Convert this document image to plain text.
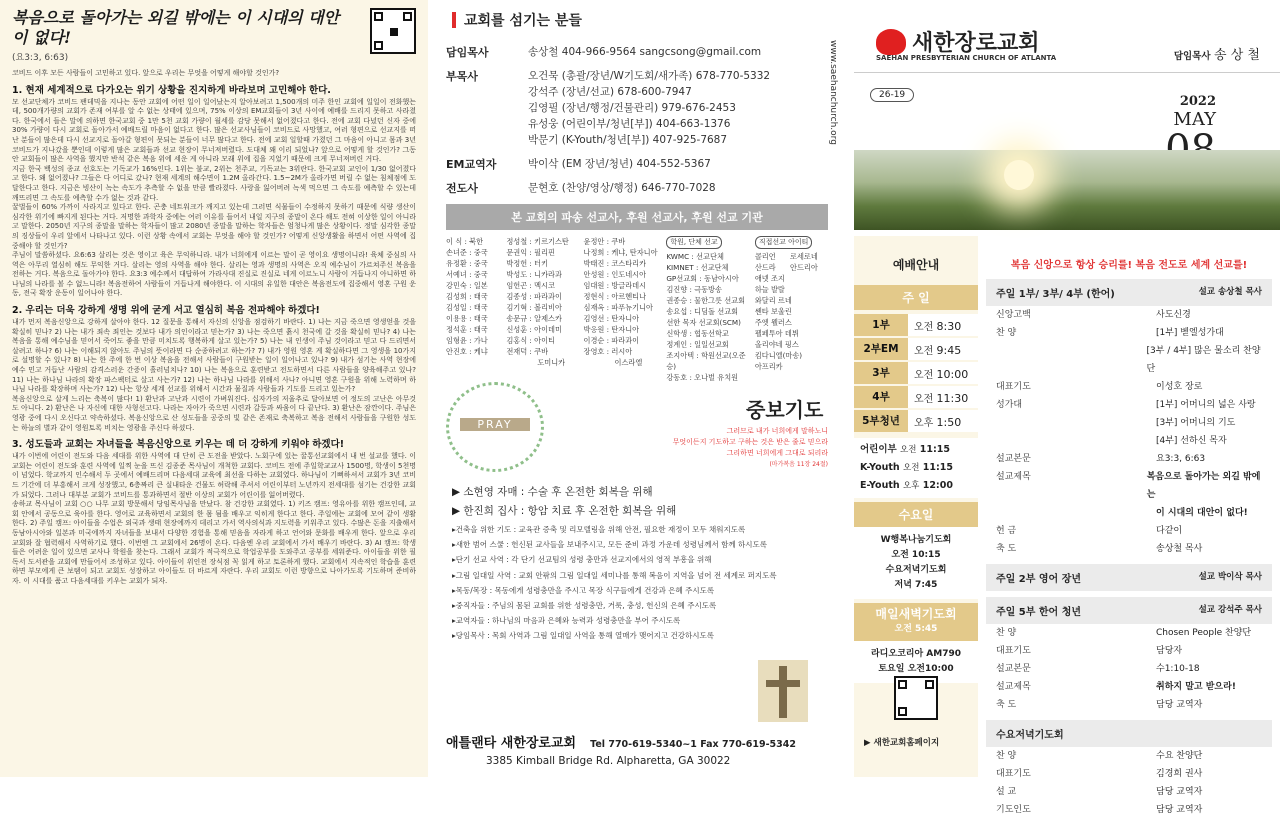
복음으로 돌아가는 외길 밖에는 이 시대의 대안이 없다!
(요3:3, 6:63)
코비드 이후 모든 사람들이 고민하고 있다. 앞으로 우리는 무엇을 어떻게 해야할 것인가?
1. 현재 세계적으로 다가오는 위기 상황을 진지하게 바라보며 고민해야 한다.
모 선교단체가 코비드 팬데믹을 지나는 동안 교회에 어떤 일이 일어났는지 알아보려고 1,500개의 미주 한인 교회에 일일이 전화했는데, 500개가량의 교회가 존재 여부를 알 수 없는 상태에 있으며, 75% 이상의 EM교회들이 3년 사이에 예배를 드리지 못하고 사라졌다. 한국에서 들은 말에 의하면 한국교회 중 1만 5천 교회 가량이 월세를 감당 못해서 없어졌다고 한다. 전에 교회 다녔던 신자 중에 30% 가량이 다시 교회로 돌아가서 예배드릴 마음이 없다고 한다. 많은 선교사님들이 코비드로 사망했고, 여러 형편으로 선교지를 떠난 분들이 많은데 다시 선교지로 돌아갈 형편이 못되는 분들이 너무 많다고 한다. 전에 교회 일할때 가졌던 그 마음이 아니고 몸과 3년 코비드가 지나갔을 뿐인데 이렇게 많은 교회들과 선교 현장이 무너져버렸다. 도대체 왜 이리 되었나? 앞으로 어떻게 할 것인가? 그동안 교회들이 많은 사역을 했지만 반석 같은 복음 위에 세운 게 아니라 모래 위에 집을 지었기 때문에 크게 무너져버린 거다.
지금 한국 백성의 종교 선호도는 기독교가 16%인다. 1위는 불교, 2위는 천주교, 기독교는 3위란다. 한국교회 교인이 1/30 없어졌다고 한다. 왜 없어졌나? 그들은 다 어디로 갔나? 현재 세계의 해수면이 1.2M 올라간다. 1.5~2M가 올라가면 버릴 수 없는 침체점에 도달한다고 한다. 지금은 빙산이 녹는 속도가 추측할 수 없을 만큼 빨라졌다. 사랑을 잃어버려 녹색 먹으면 그 속도를 예측할 수 있는데 깨뜨리면 그 속도를 예측할 수가 없는 것과 같다.
꿀벌들이 60% 가까이 사라지고 있다고 한다. 곤충 네트워크가 깨지고 있는데 그러면 식물들이 수정하지 못하기 때문에 식량 생산이 심각한 위기에 빠지게 된다는 거다. 저명한 과학자 중에는 여러 이유를 들어서 내일 지구의 종말이 온다 해도 전혀 이상한 일이 아니라고 말한다. 2050년 지구의 종말을 말하는 학자들이 많고 2080년 종말을 말하는 학자들은 엄청나게 많은 상황이다. 정말 심각한 종말의 징상들이 우리 앞에서 나타나고 있다. 이런 상황 속에서 교회는 무엇을 해야 할 것인가? 어떻게 신앙생활을 하면서 어떤 사역에 집중해야 할 것인가?
주님이 말씀하셨다. 요6:63 살리는 것은 영이고 육은 무익하니라. 내가 너희에게 이르는 말이 곧 영이요 생명이니라! 육체 중심의 사역은 아무리 열심히 해도 무익한 거다. 살리는 영의 사역을 해야 한다. 살리는 영과 생명의 사역은 오직 예수님이 가르쳐주신 복음을 전하는 거다. 복음으로 돌아가야 한다. 요3:3 예수께서 대답하여 가라사대 진실로 진실로 네게 이르노니 사람이 거듭나지 아니하면 하나님의 나라를 볼 수 없느니라! 복음전하여 사람들이 거듭나게 해야한다. 이 시대의 유일한 대안은 복음전도에 집중해서 영혼 구원 운동, 전국 확장 운동이 일어나야 한다.
2. 우리는 더욱 강하게 생명 위에 굳게 서고 열심히 복음 전파해야 하겠다!
내가 먼저 복음신앙으로 강하게 살아야 한다. 12 질문을 통해서 자신의 신앙을 점검하기 바란다. 1) 나는 지금 죽으면 영생얻을 것을 확실히 믿나? 2) 나는 내가 죄속 죄인는 것보다 내가 의인이라고 믿는가? 3) 나는 죽으면 흙시 천국에 갈 것을 확실히 믿나? 4) 나는 복음을 통해 예수님을 믿어서 죽어도 좋을 만큼 미치도록 행복하게 살고 있는가? 5) 나는 내 인생이 주님 것이라고 믿고 다 드리면서 살려고 하나? 6) 나는 이해되지 않아도 주님의 뜻이라면 다 순종하려고 하는가? 7) 내가 영원 영혼 게 확실하다면 그 영생을 10가지로 설명할 수 있나? 8) 나는 한 주에 한 번 이상 복음을 전해서 사람들이 구원받는 일이 일어나고 있나? 9) 내가 섬기는 사역 현장에 예수 민고 거듭난 사람의 감격스러운 간증이 흘러넘치나? 10) 나는 복음으로 훈련받고 전도하면서 다른 사람들을 양육해주고 있나? 11) 나는 하나님 나라의 확장 파스팩터로 살고 사는가? 12) 나는 하나님 나라를 위해서 사나? 아니면 영혼 구원을 위해 노력하며 하나님 나라를 확장하며 사는가? 12) 나는 항상 세계 선교를 위해서 시간과 물질과 사람들과 기도를 드리고 있는가?
복음신앙으로 살게 느리는 축복이 많다! 1) 환난과 고난과 시련이 가벼워진다. 십자가의 저울추로 달아보면 어 정도의 고난은 아무것도 아니다. 2) 환난은 나 자신에 대한 사형선고다. 나라는 자아가 죽으면 시련과 갈등과 싸움이 다 끝난다. 3) 환난은 잠깐이다. 주님은 영광 중에 다시 오신다고 약속하셨다. 복음신앙으로 산 성도들을 공중의 빛 같은 존재로 축복하고 복음 전해서 사람들을 구원한 성도는 하늘의 별과 같이 영원토록 비치는 영광을 주신다 하셨다.
3. 성도들과 교회는 자녀들을 복음신앙으로 키우는 데 더 강하게 키워야 하겠다!
내가 이번에 어린이 전도와 다음 세대를 위한 사역에 대 단히 큰 도전을 받았다. 노회구에 있는 꿀통선교회에서 내 번 설교를 했다. 이 교회는 어린이 전도와 훈련 사역에 일찍 눈을 뜨신 김종준 목사님이 개척한 교회다. 코비드 전에 주일학교교사 1500명, 학생이 5천명이 넘었다. 학교까지 인수해서 두 곳에서 예배드리며 다음세대 교육에 최선을 다하는 교회였다. 하나님이 기뻐하셔서 교회가 3년 코비드 기간에 더 부흥해서 크게 성장했고, 6층짜리 큰 실내타운 건물도 허락해 주셔서 어린이부터 노년까지 전세대를 섬기는 건강한 교회가 되었다. 그러나 대부분 교회가 코비드를 통과하면서 절반 이상의 교회가 어린이를 잃어버렸다.
송하교 목사님이 교회 ○○ 나무 교회 방문해서 당임목사님을 만났다. 참 건강한 교회였다. 1) 키즈 캠프: 영유아를 위한 캠프인데, 교회 안에서 공동으로 육아를 한다. 영어로 교육하면서 교회의 한 몸 됨을 배우고 익히게 한다고 한다. 주일에는 교회에 모여 같이 생활한다. 2) 주일 캠프: 아이들을 수업은 외국과 생태 현장에까지 데리고 가서 역사의식과 지도력을 키워주고 있다. 수많은 돈을 지출해서 동남아시아와 일본과 미국에까지 자녀들을 보내서 다양한 경험을 통해 믿음을 자라게 하고 언어와 문화를 배우게 한다. 앞으로 우리 교회와 잘 협력해서 사역하기로 했다. 이번엔 그 교회에서 26명이 온다. 다음엔 우리 교회에서 가서 배우기 바란다. 3) AI 캠프: 학생들은 어려운 일이 있으면 교사나 학원을 찾는다. 그래서 교회가 적극적으로 학업공부를 도와주고 공부를 세워준다. 아이들을 위한 필독서 도서관을 교회에 만들어서 조성하고 있다. 아이들이 위인전 장식점 꼭 읽게 하고 토론하게 했다. 교회에서 지속적인 학습을 훈련하면 부모에게 큰 보탬이 되고 교회도 성장하고 아이들도 더 바르게 자란다. 우리 교회도 이런 방향으로 나아가도록 기도하며 준비하자. 이 시대를 품고 다음세대를 키우는 교회가 되자.
교회를 섬기는 분들
담임목사	송상철 404-966-9564 sangcsong@gmail.com
부목사	오건묵 (총괄/장년/W기도회/새가족) 678-770-5332
강석주 (장년/선교) 678-600-7947
김영필 (장년/행정/건물관리) 979-676-2453
유성웅 (어린이부/청년[부]) 404-663-1376
박문기 (K-Youth/청년[부]) 407-925-7687
EM교역자	박이삭 (EM 장년/청년) 404-552-5367
전도사	문현호 (찬양/영상/행정) 646-770-7028
www.saehanchurch.org
본 교회의 파송 선교사, 후원 선교사, 후원 선교 기관
이 식 : 북한
손녀준 : 중국
유정환 : 중국
서예녀 : 중국
강민숙 : 일본
김성희 : 태국
김성일 : 태국
이용용 : 태국
정석훈 : 태국
임형윤 : 가나
안진호 : 케냐
정성철 : 키르기스탄
문권익 : 필리핀
박정헌 : 터키
박성도 : 니카라과
임헌곤 : 멕시코
김종성 : 파라과이
김기혁 : 볼리비아
송문규 : 알제스카
신성훈 : 아이데미
김홍식 : 아이티
전재덕 : 쿠바
　　　　 도미니카
윤정안 : 쿠바
나정희 : 케냐, 탄자니아
박태진 : 코스타리카
안성원 : 인도네시아
임대원 : 방글라데시
정현식 : 아르헨티나
심재옥 : 파푸뉴기니아
김영선 : 탄자니아
박응원 : 탄자니아
이경순 : 파라과이
장영호 : 러시아
　　　　 이스라엘
학원, 단체 선교
KWMC : 선교단체
KIMNET : 선교단체
GP선교회 : 동남아시아
김진향 : 극동방송
권종승 : 물한그릇 선교회
송요섭 : 디딤돌 선교회
선한 목자 선교회(SCM)
신학생 : 협동선학교
정계인 : 일일선교회
조지아텍 : 학원선교(오준승)
강동호 : 오나벌 유치원
직접선교 아이티
콜리언　　로세로네
산드라　　안드리아
애넷 조지
하늘 발랄
와달리 르네
쎈타 보울린
주엣 웰러스
펠페투아 데뷔
올리야네 핑스
킴다니엘(마송)
아프리카
PRAY
중보기도
그러므로 내가 너희에게 말하노니
무엇이든지 기도하고 구하는 것은 받은 줄로 믿으라
그리하면 너희에게 그대로 되리라
(마가복음 11장 24절)
▶ 소현영 자매 : 수술 후 온전한 회복을 위해
▶ 한진희 집사 : 항암 치료 후 온전한 회복을 위해
▸건축을 위한 기도 : 교육관 증축 및 리모델링을 위해 안전, 필요한 재정이 모두 채워지도록
▸새한 범어 스쿨 : 헌신된 교사들을 보내주시고, 모든 준비 과정 가운데 성령님께서 함께 하시도록
▸단기 선교 사역 : 각 단기 선교팀의 성령 충만과 선교지에서의 영적 부흥을 위해
▸그림 일대일 사역 : 교회 안팎의 그림 일대일 세미나를 통해 복음이 지역을 넘어 전 세계로 퍼지도록
▸목동/목장 : 목동에게 성령충만을 주시고 목장 식구들에게 건강과 은혜 주시도록
▸중직자들 : 주님의 몸된 교회를 위한 성령충만, 거룩, 충성, 헌신의 은혜 주시도록
▸교역자들 : 하나님의 마음과 은혜와 능력과 성령충만을 부어 주시도록
▸당임목사 : 목회 사역과 그림 일대일 사역을 통해 열매가 맺어지고 건강하시도록
애틀랜타 새한장로교회 Tel 770-619-5340~1 Fax 770-619-5342
3385 Kimball Bridge Rd. Alpharetta, GA 30022
새한장로교회
SAEHAN PRESBYTERIAN CHURCH OF ATLANTA	담임목사 송 상 철
26-19	2022
MAY
예배안내
주 일
1부	오전 8:30
2부EM	오전 9:45
3부	오전 10:00
4부	오전 11:30
5부청년	오후 1:50
어린이부 오전 11:15
K-Youth 오전 11:15
E-Youth 오후 12:00
수요일
W행복나눔기도회
오전 10:15
수요저녁기도회
저녁 7:45
매일새벽기도회
오전 5:45
라디오코리아 AM790
토요일 오전10:00
▶ 새한교회홈페이지
복음 신앙으로 항상 승리를! 복음 전도로 세계 선교를!
주일 1부/ 3부/ 4부 (한어)	설교 송상철 목사
신앙고백	사도신경
찬 양	[1부] 벧엘성가대
[3부 / 4부] 많은 물소리 찬양단
대표기도	이성호 장로
성가대	[1부] 어머니의 넓은 사랑
[3부] 어머니의 기도
[4부] 선하신 목자
설교본문	요3:3, 6:63
설교제목	복음으로 돌아가는 외길 밖에는
이 시대의 대안이 없다!
헌 금	다같이
축 도	송상철 목사
주일 2부 영어 장년	설교 박이삭 목사
주일 5부 한어 청년	설교 강석주 목사
찬 양	Chosen People 찬양단
대표기도	담당자
설교본문	수1:10-18
설교제목	취하지 말고 받으라!
축 도	담당 교역자
수요저녁기도회
찬 양	수요 찬양단
대표기도	김경희 권사
설 교	담당 교역자
기도인도	담당 교역자
